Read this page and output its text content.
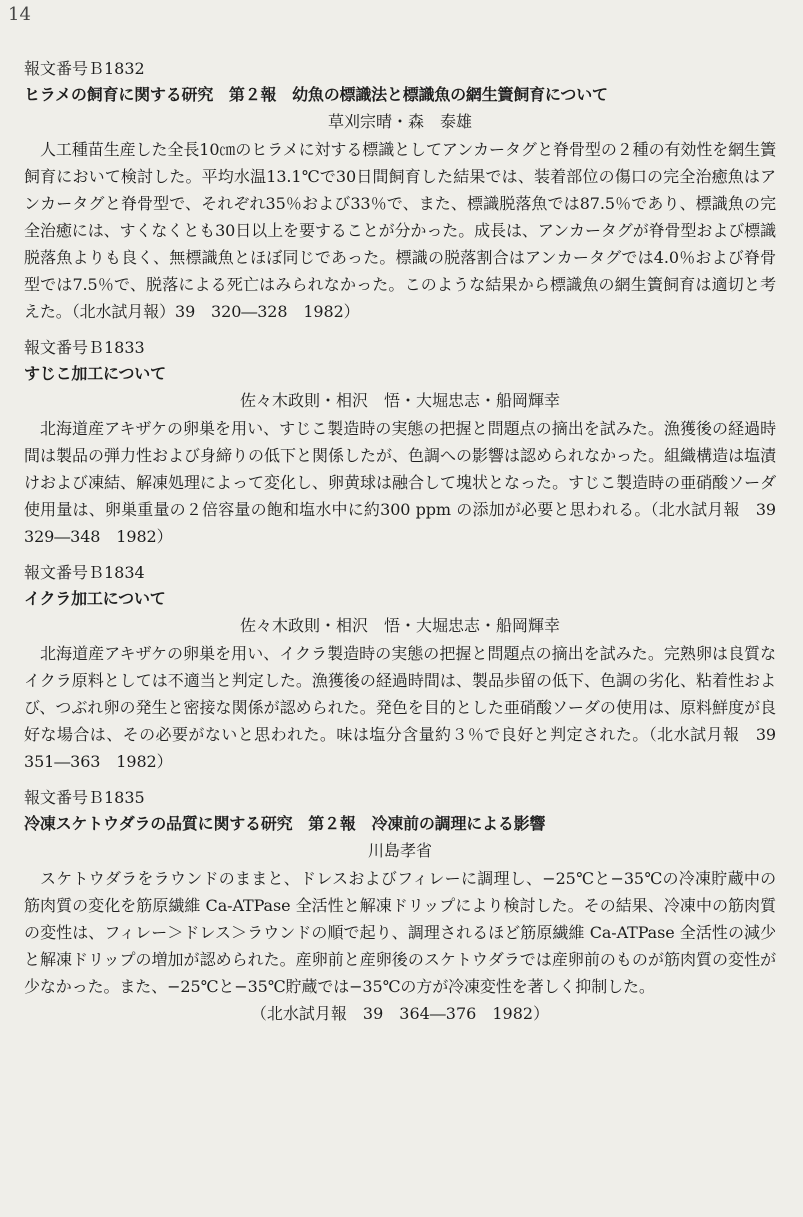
14

報文番号Ｂ1832

ヒラメの飼育に関する研究　第２報　幼魚の標識法と標識魚の網生簀飼育について

草刈宗晴・森　泰雄

人工種苗生産した全長10㎝のヒラメに対する標識としてアンカータグと脊骨型の２種の有効性を網生簀飼育において検討した。平均水温13.1℃で30日間飼育した結果では、装着部位の傷口の完全治癒魚はアンカータグと脊骨型で、それぞれ35％および33％で、また、標識脱落魚では87.5％であり、標識魚の完全治癒には、すくなくとも30日以上を要することが分かった。成長は、アンカータグが脊骨型および標識脱落魚よりも良く、無標識魚とほぼ同じであった。標識の脱落割合はアンカータグでは4.0％および脊骨型では7.5％で、脱落による死亡はみられなかった。このような結果から標識魚の網生簀飼育は適切と考えた。（北水試月報）39　320―328　1982）

報文番号Ｂ1833

すじこ加工について

佐々木政則・相沢　悟・大堀忠志・船岡輝幸

北海道産アキザケの卵巣を用い、すじこ製造時の実態の把握と問題点の摘出を試みた。漁獲後の経過時間は製品の弾力性および身締りの低下と関係したが、色調への影響は認められなかった。組織構造は塩漬けおよび凍結、解凍処理によって変化し、卵黄球は融合して塊状となった。すじこ製造時の亜硝酸ソーダ使用量は、卵巣重量の２倍容量の飽和塩水中に約300 ppm の添加が必要と思われる。（北水試月報　39　329―348　1982）

報文番号Ｂ1834

イクラ加工について

佐々木政則・相沢　悟・大堀忠志・船岡輝幸

北海道産アキザケの卵巣を用い、イクラ製造時の実態の把握と問題点の摘出を試みた。完熟卵は良質なイクラ原料としては不適当と判定した。漁獲後の経過時間は、製品歩留の低下、色調の劣化、粘着性および、つぶれ卵の発生と密接な関係が認められた。発色を目的とした亜硝酸ソーダの使用は、原料鮮度が良好な場合は、その必要がないと思われた。味は塩分含量約３％で良好と判定された。（北水試月報　39　351―363　1982）

報文番号Ｂ1835

冷凍スケトウダラの品質に関する研究　第２報　冷凍前の調理による影響

川島孝省

スケトウダラをラウンドのままと、ドレスおよびフィレーに調理し、−25℃と−35℃の冷凍貯蔵中の筋肉質の変化を筋原繊維 Ca-ATPase 全活性と解凍ドリップにより検討した。その結果、冷凍中の筋肉質の変性は、フィレー＞ドレス＞ラウンドの順で起り、調理されるほど筋原繊維 Ca-ATPase 全活性の減少と解凍ドリップの増加が認められた。産卵前と産卵後のスケトウダラでは産卵前のものが筋肉質の変性が少なかった。また、−25℃と−35℃貯蔵では−35℃の方が冷凍変性を著しく抑制した。

（北水試月報　39　364―376　1982）
